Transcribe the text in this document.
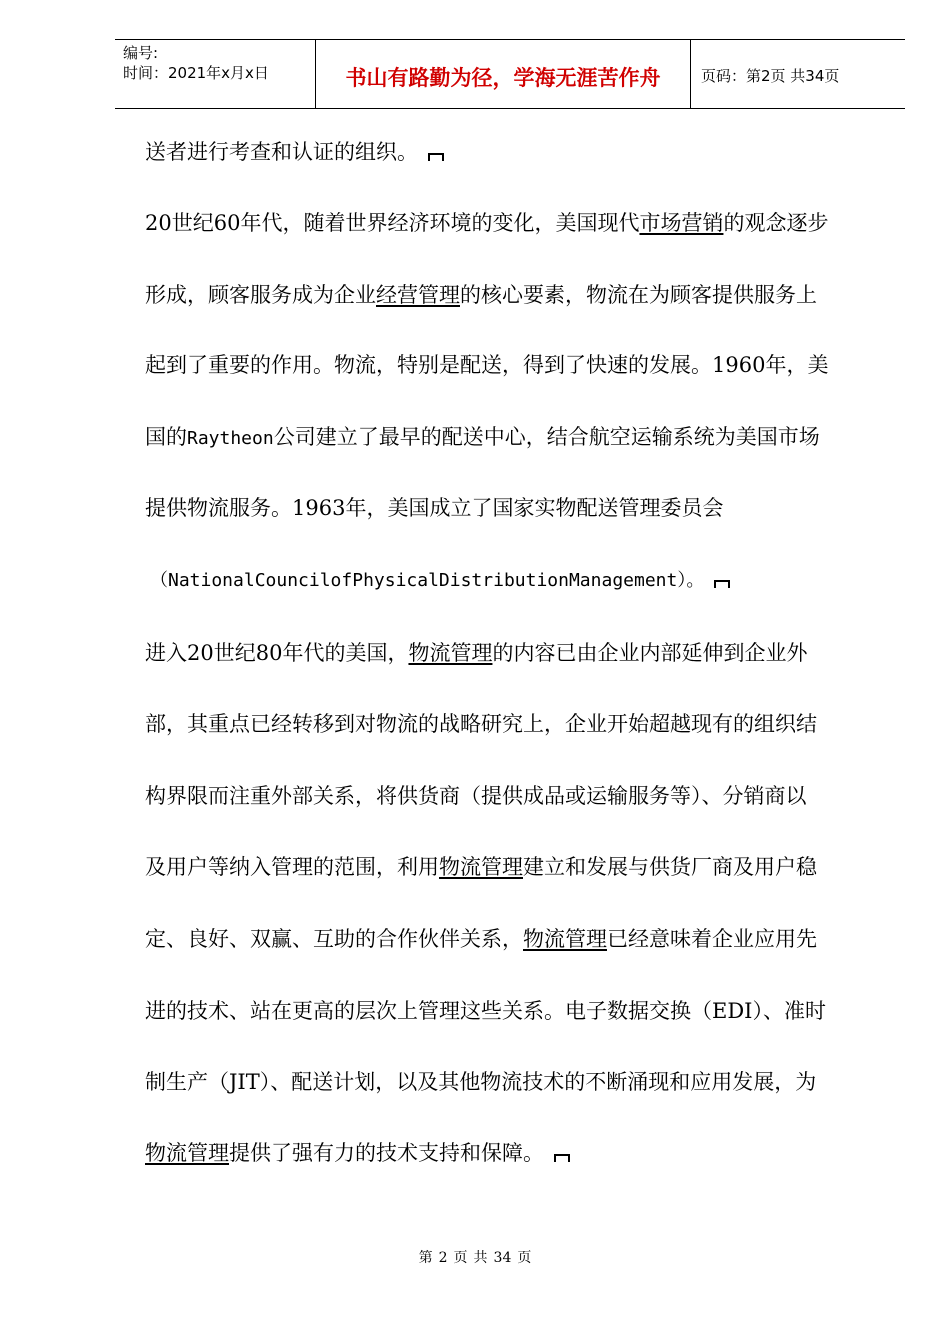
编号:
时间：2021年x月x日	书山有路勤为径，学海无涯苦作舟	页码：第2页 共34页
送者进行考查和认证的组织。
20世纪60年代，随着世界经济环境的变化，美国现代市场营销的观念逐步
形成，顾客服务成为企业经营管理的核心要素，物流在为顾客提供服务上
起到了重要的作用。物流，特别是配送，得到了快速的发展。1960年，美
国的Raytheon公司建立了最早的配送中心，结合航空运输系统为美国市场
提供物流服务。1963年，美国成立了国家实物配送管理委员会
（NationalCouncilofPhysicalDistributionManagement）。
进入20世纪80年代的美国，物流管理的内容已由企业内部延伸到企业外
部，其重点已经转移到对物流的战略研究上，企业开始超越现有的组织结
构界限而注重外部关系，将供货商（提供成品或运输服务等）、分销商以
及用户等纳入管理的范围，利用物流管理建立和发展与供货厂商及用户稳
定、良好、双赢、互助的合作伙伴关系，物流管理已经意味着企业应用先
进的技术、站在更高的层次上管理这些关系。电子数据交换（EDI）、准时
制生产（JIT）、配送计划，以及其他物流技术的不断涌现和应用发展，为
物流管理提供了强有力的技术支持和保障。
第 2 页 共 34 页
